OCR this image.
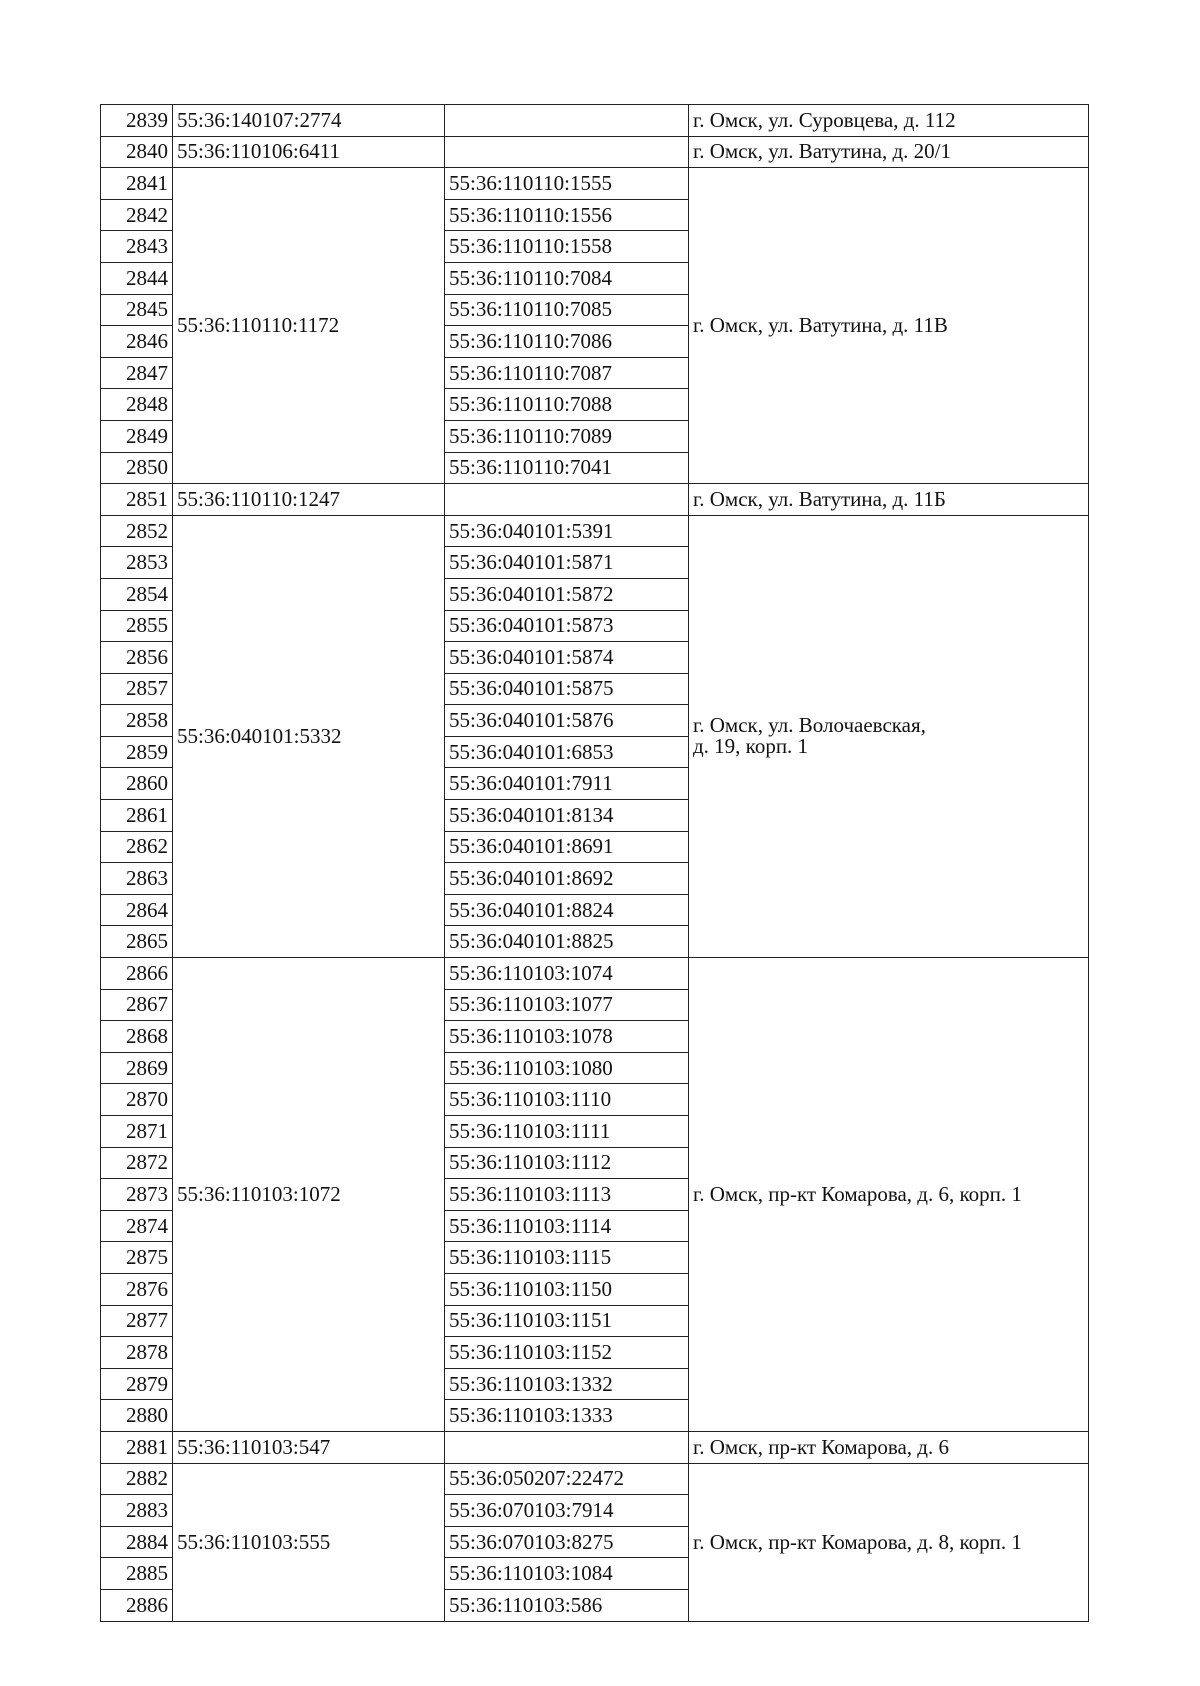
2839	55:36:140107:2774		г. Омск, ул. Суровцева, д. 112
2840	55:36:110106:6411		г. Омск, ул. Ватутина, д. 20/1
2841	55:36:110110:1172	55:36:110110:1555	г. Омск, ул. Ватутина, д. 11В
2842		55:36:110110:1556	
2843		55:36:110110:1558	
2844		55:36:110110:7084	
2845		55:36:110110:7085	
2846		55:36:110110:7086	
2847		55:36:110110:7087	
2848		55:36:110110:7088	
2849		55:36:110110:7089	
2850		55:36:110110:7041	
2851	55:36:110110:1247		г. Омск, ул. Ватутина, д. 11Б
2852	55:36:040101:5332	55:36:040101:5391	г. Омск, ул. Волочаевская,
д. 19, корп. 1

2853		55:36:040101:5871	
2854		55:36:040101:5872	
2855		55:36:040101:5873	
2856		55:36:040101:5874	
2857		55:36:040101:5875	
2858		55:36:040101:5876	
2859		55:36:040101:6853	
2860		55:36:040101:7911	
2861		55:36:040101:8134	
2862		55:36:040101:8691	
2863		55:36:040101:8692	
2864		55:36:040101:8824	
2865		55:36:040101:8825	
2866	55:36:110103:1072	55:36:110103:1074	г. Омск, пр-кт Комарова, д. 6, корп. 1
2867		55:36:110103:1077	
2868		55:36:110103:1078	
2869		55:36:110103:1080	
2870		55:36:110103:1110	
2871		55:36:110103:1111	
2872		55:36:110103:1112	
2873		55:36:110103:1113	
2874		55:36:110103:1114	
2875		55:36:110103:1115	
2876		55:36:110103:1150	
2877		55:36:110103:1151	
2878		55:36:110103:1152	
2879		55:36:110103:1332	
2880		55:36:110103:1333	
2881	55:36:110103:547		г. Омск, пр-кт Комарова, д. 6
2882	55:36:110103:555	55:36:050207:22472	г. Омск, пр-кт Комарова, д. 8, корп. 1
2883		55:36:070103:7914	
2884		55:36:070103:8275	
2885		55:36:110103:1084	
2886		55:36:110103:586	
